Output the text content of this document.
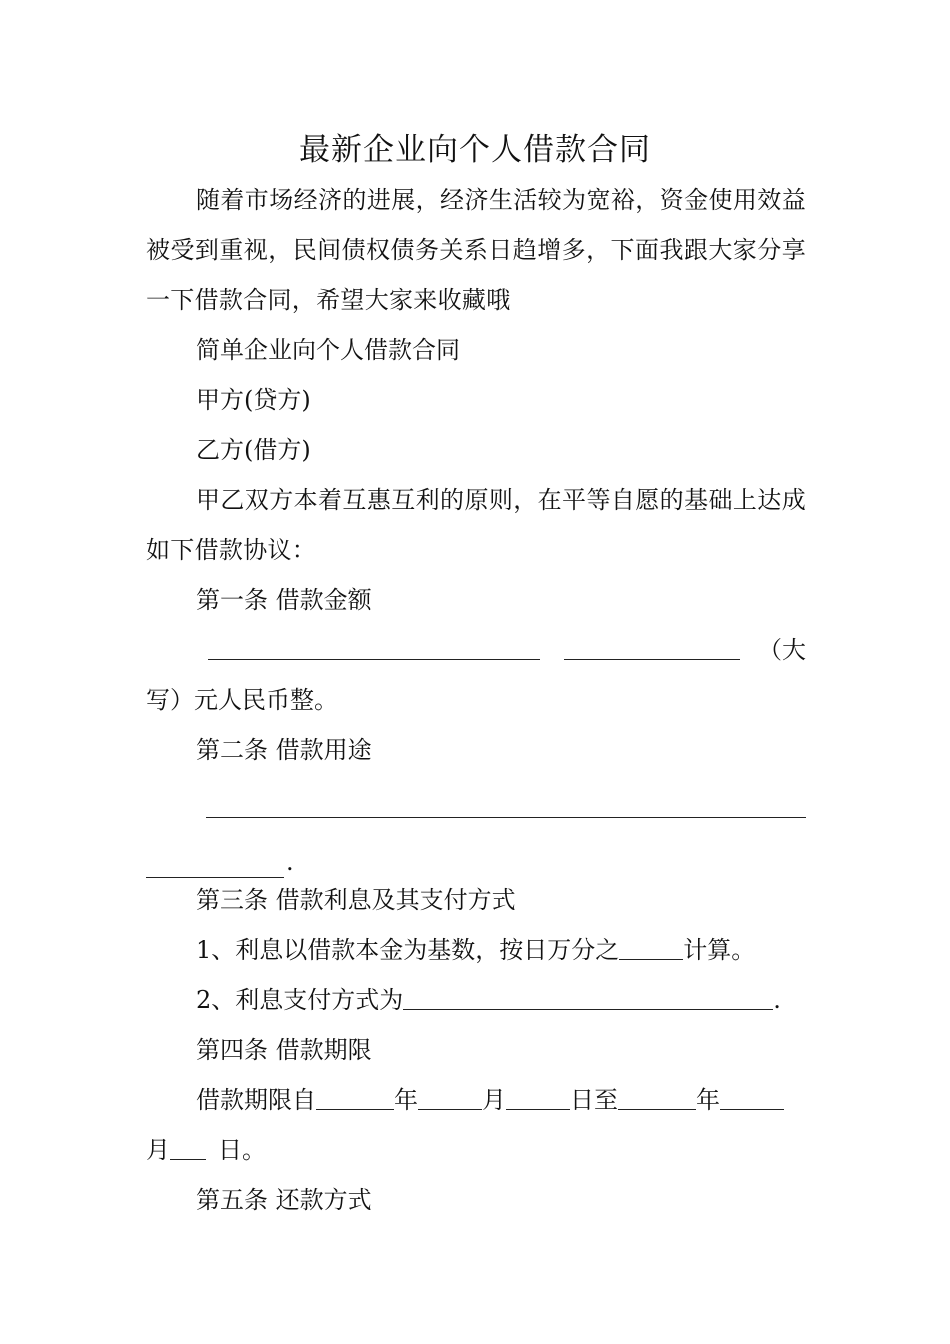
最新企业向个人借款合同

随着市场经济的进展，经济生活较为宽裕，资金使用效益被受到重视，民间债权债务关系日趋增多，下面我跟大家分享一下借款合同，希望大家来收藏哦

简单企业向个人借款合同

甲方(贷方)

乙方(借方)

甲乙双方本着互惠互利的原则，在平等自愿的基础上达成如下借款协议：

第一条 借款金额

（大

写）元人民币整。

第二条 借款用途

.

第三条 借款利息及其支付方式

1、利息以借款本金为基数，按日万分之	计算。

2、利息支付方式为	.

第四条 借款期限

借款期限自	年	月	日至	年

月 日。

第五条 还款方式
